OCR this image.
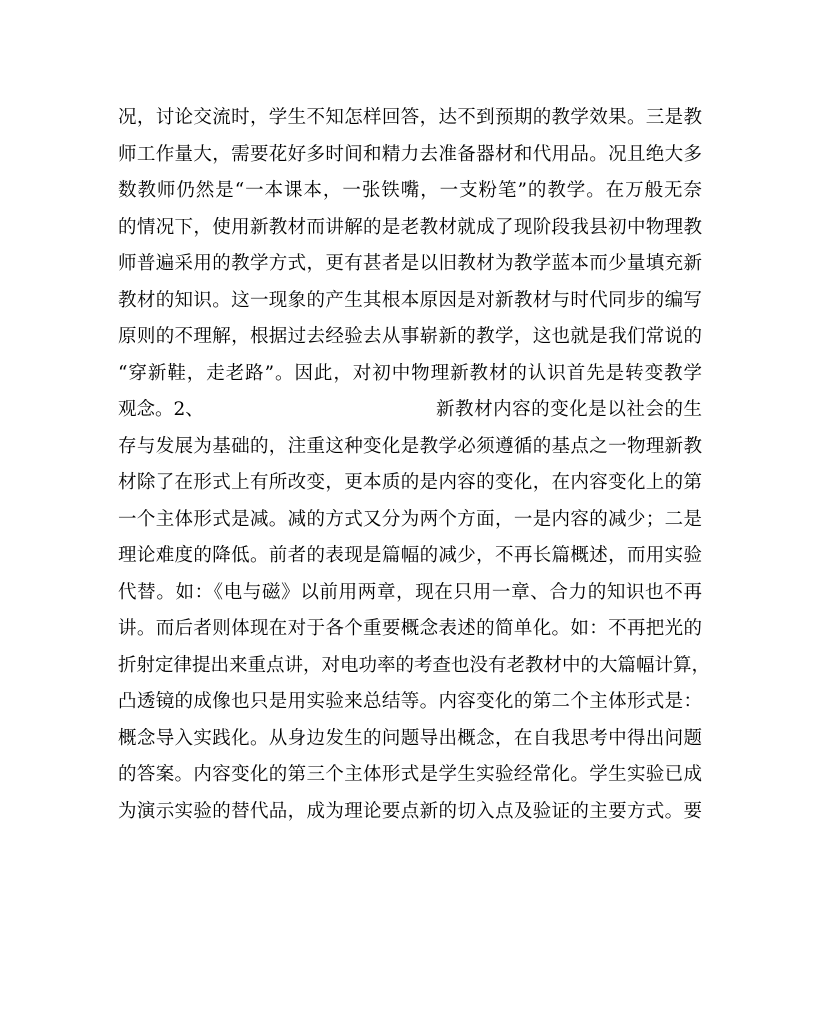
况，讨论交流时，学生不知怎样回答，达不到预期的教学效果。三是教
师工作量大，需要花好多时间和精力去准备器材和代用品。况且绝大多
数教师仍然是“一本课本，一张铁嘴，一支粉笔”的教学。在万般无奈
的情况下，使用新教材而讲解的是老教材就成了现阶段我县初中物理教
师普遍采用的教学方式，更有甚者是以旧教材为教学蓝本而少量填充新
教材的知识。这一现象的产生其根本原因是对新教材与时代同步的编写
原则的不理解，根据过去经验去从事崭新的教学，这也就是我们常说的
“穿新鞋，走老路”。因此，对初中物理新教材的认识首先是转变教学
观念。2、	新教材内容的变化是以社会的生
存与发展为基础的，注重这种变化是教学必须遵循的基点之一物理新教
材除了在形式上有所改变，更本质的是内容的变化，在内容变化上的第
一个主体形式是减。减的方式又分为两个方面，一是内容的减少；二是
理论难度的降低。前者的表现是篇幅的减少，不再长篇概述，而用实验
代替。如：《电与磁》以前用两章，现在只用一章、合力的知识也不再
讲。而后者则体现在对于各个重要概念表述的简单化。如：不再把光的
折射定律提出来重点讲，对电功率的考查也没有老教材中的大篇幅计算，
凸透镜的成像也只是用实验来总结等。内容变化的第二个主体形式是：
概念导入实践化。从身边发生的问题导出概念，在自我思考中得出问题
的答案。内容变化的第三个主体形式是学生实验经常化。学生实验已成
为演示实验的替代品，成为理论要点新的切入点及验证的主要方式。要
